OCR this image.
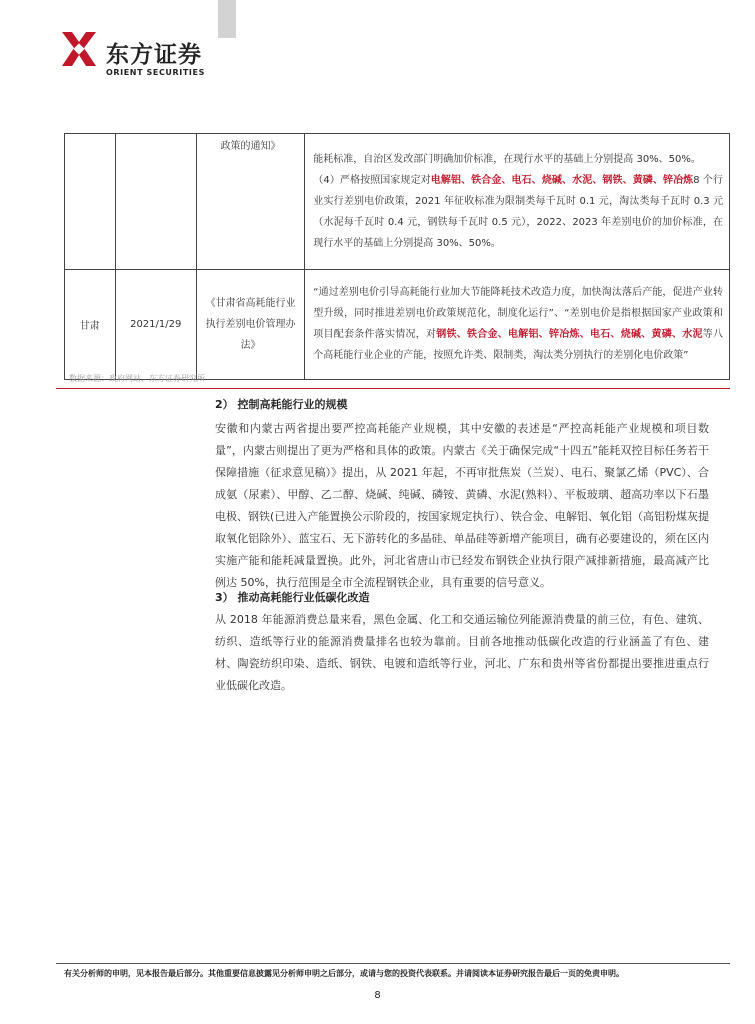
东方证券
ORIENT SECURITIES
		政策的通知》	能耗标准，自治区发改部门明确加价标准，在现行水平的基础上分别提高 30%、50%。
（4）严格按照国家规定对电解铝、铁合金、电石、烧碱、水泥、钢铁、黄磷、锌冶炼8 个行业实行差别电价政策，2021 年征收标准为限制类每千瓦时 0.1 元，淘汰类每千瓦时 0.3 元（水泥每千瓦时 0.4 元，钢铁每千瓦时 0.5 元），2022、2023 年差别电价的加价标准，在现行水平的基础上分别提高 30%、50%。

甘肃	2021/1/29	《甘肃省高耗能行业执行差别电价管理办法》	“通过差别电价引导高耗能行业加大节能降耗技术改造力度，加快淘汰落后产能，促进产业转型升级，同时推进差别电价政策规范化，制度化运行”、“差别电价是指根据国家产业政策和项目配套条件落实情况，对钢铁、铁合金、电解铝、锌冶炼、电石、烧碱、黄磷、水泥等八个高耗能行业企业的产能，按照允许类、限制类，淘汰类分别执行的差别化电价政策”
数据来源：政府网站、东方证券研究所
2） 控制高耗能行业的规模
安徽和内蒙古两省提出要严控高耗能产业规模，其中安徽的表述是“严控高耗能产业规模和项目数量”，内蒙古则提出了更为严格和具体的政策。内蒙古《关于确保完成“十四五”能耗双控目标任务若干保障措施（征求意见稿）》提出，从 2021 年起，不再审批焦炭（兰炭）、电石、聚氯乙烯（PVC）、合成氨（尿素）、甲醇、乙二醇、烧碱、纯碱、磷铵、黄磷、水泥(熟料）、平板玻璃、超高功率以下石墨电极、钢铁(已进入产能置换公示阶段的，按国家规定执行）、铁合金、电解铝、氧化铝（高铝粉煤灰提取氧化铝除外）、蓝宝石、无下游转化的多晶硅、单晶硅等新增产能项目，确有必要建设的，须在区内实施产能和能耗减量置换。此外，河北省唐山市已经发布钢铁企业执行限产减排新措施，最高减产比例达 50%，执行范围是全市全流程钢铁企业，具有重要的信号意义。
3） 推动高耗能行业低碳化改造
从 2018 年能源消费总量来看，黑色金属、化工和交通运输位列能源消费量的前三位，有色、建筑、纺织、造纸等行业的能源消费量排名也较为靠前。目前各地推动低碳化改造的行业涵盖了有色、建材、陶瓷纺织印染、造纸、钢铁、电镀和造纸等行业，河北、广东和贵州等省份都提出要推进重点行业低碳化改造。
有关分析师的申明，见本报告最后部分。其他重要信息披露见分析师申明之后部分，或请与您的投资代表联系。并请阅读本证券研究报告最后一页的免责申明。
8
